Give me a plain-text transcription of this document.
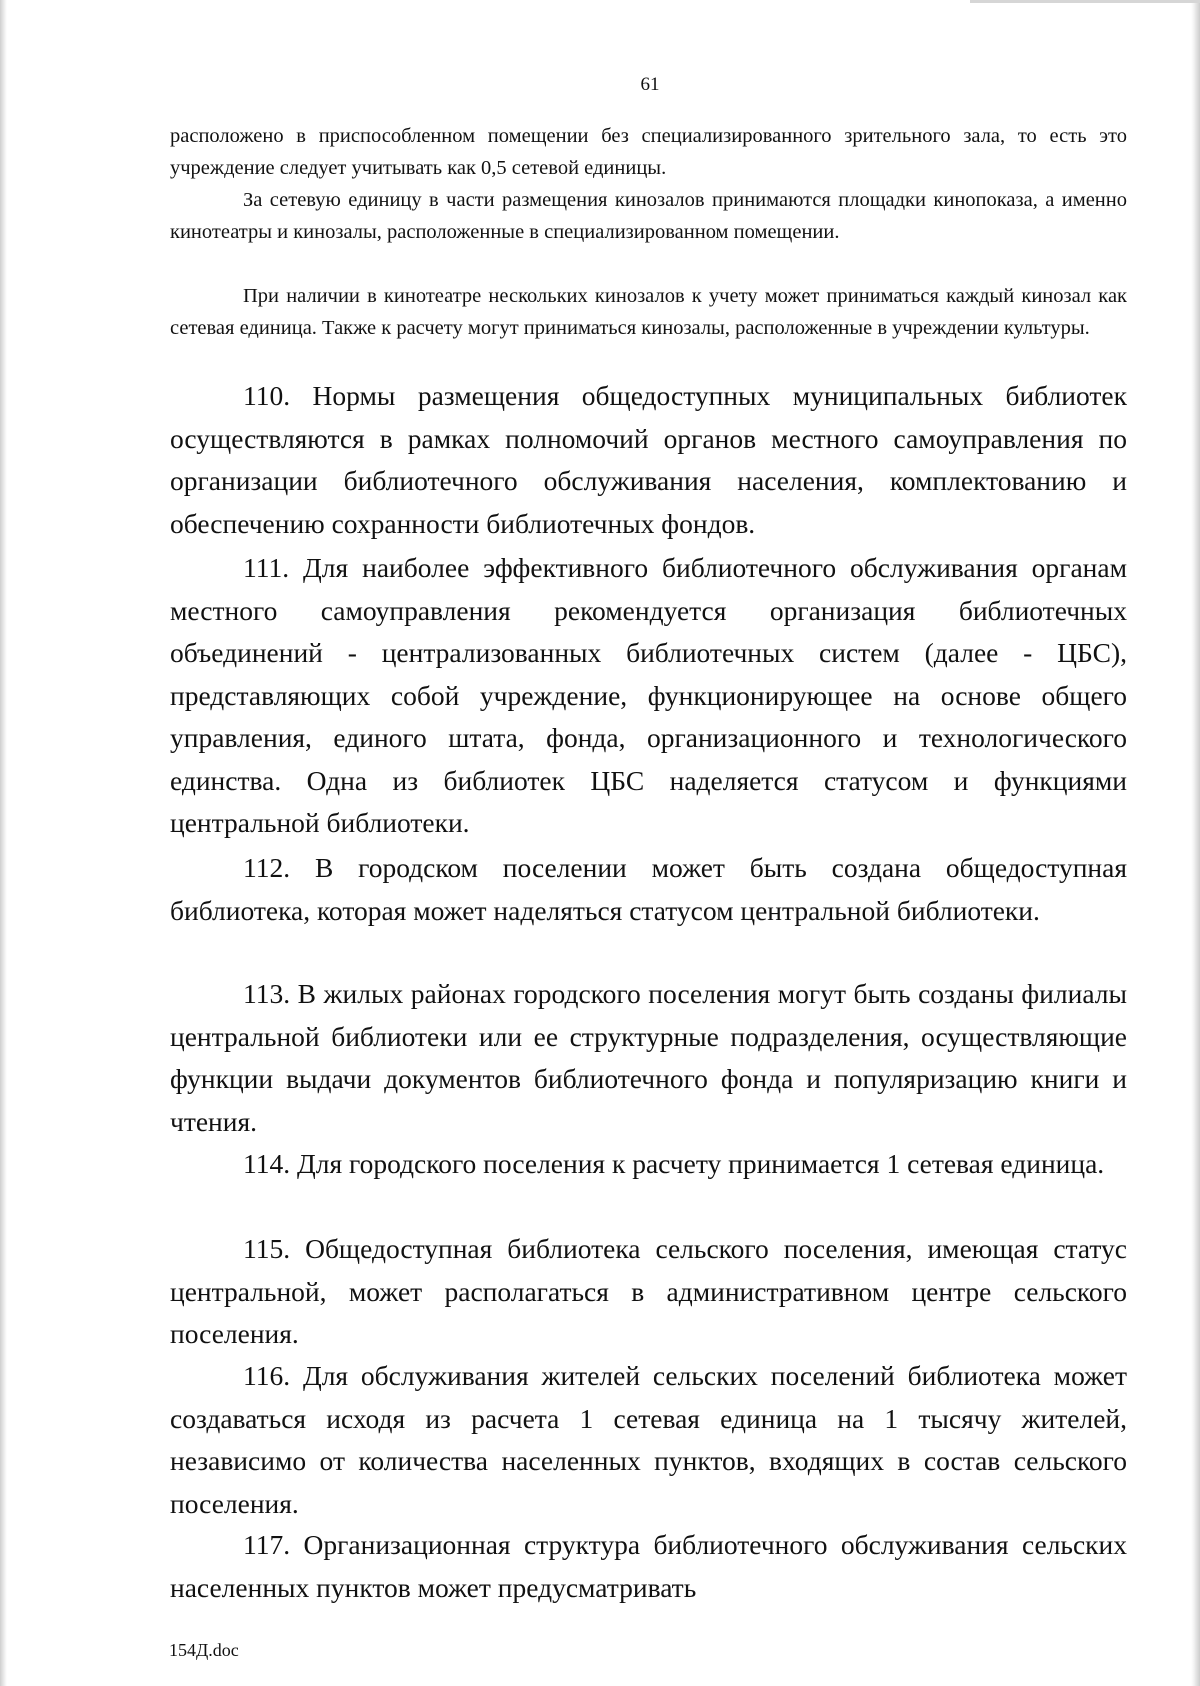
61

расположено в приспособленном помещении без специализированного зрительного зала, то есть это учреждение следует учитывать как 0,5 сетевой единицы.

За сетевую единицу в части размещения кинозалов принимаются площадки кинопоказа, а именно кинотеатры и кинозалы, расположенные в специализированном помещении.

При наличии в кинотеатре нескольких кинозалов к учету может приниматься каждый кинозал как сетевая единица. Также к расчету могут приниматься кинозалы, расположенные в учреждении культуры.

110. Нормы размещения общедоступных муниципальных библиотек осуществляются в рамках полномочий органов местного самоуправления по организации библиотечного обслуживания населения, комплектованию и обеспечению сохранности библиотечных фондов.

111. Для наиболее эффективного библиотечного обслуживания органам местного самоуправления рекомендуется организация библиотечных объединений - централизованных библиотечных систем (далее - ЦБС), представляющих собой учреждение, функционирующее на основе общего управления, единого штата, фонда, организационного и технологического единства. Одна из библиотек ЦБС наделяется статусом и функциями центральной библиотеки.

112. В городском поселении может быть создана общедоступная библиотека, которая может наделяться статусом центральной библиотеки.

113. В жилых районах городского поселения могут быть созданы филиалы центральной библиотеки или ее структурные подразделения, осуществляющие функции выдачи документов библиотечного фонда и популяризацию книги и чтения.

114. Для городского поселения к расчету принимается 1 сетевая единица.

115. Общедоступная библиотека сельского поселения, имеющая статус центральной, может располагаться в административном центре сельского поселения.

116. Для обслуживания жителей сельских поселений библиотека может создаваться исходя из расчета 1 сетевая единица на 1 тысячу жителей, независимо от количества населенных пунктов, входящих в состав сельского поселения.

117. Организационная структура библиотечного обслуживания сельских населенных пунктов может предусматривать

154Д.doc
